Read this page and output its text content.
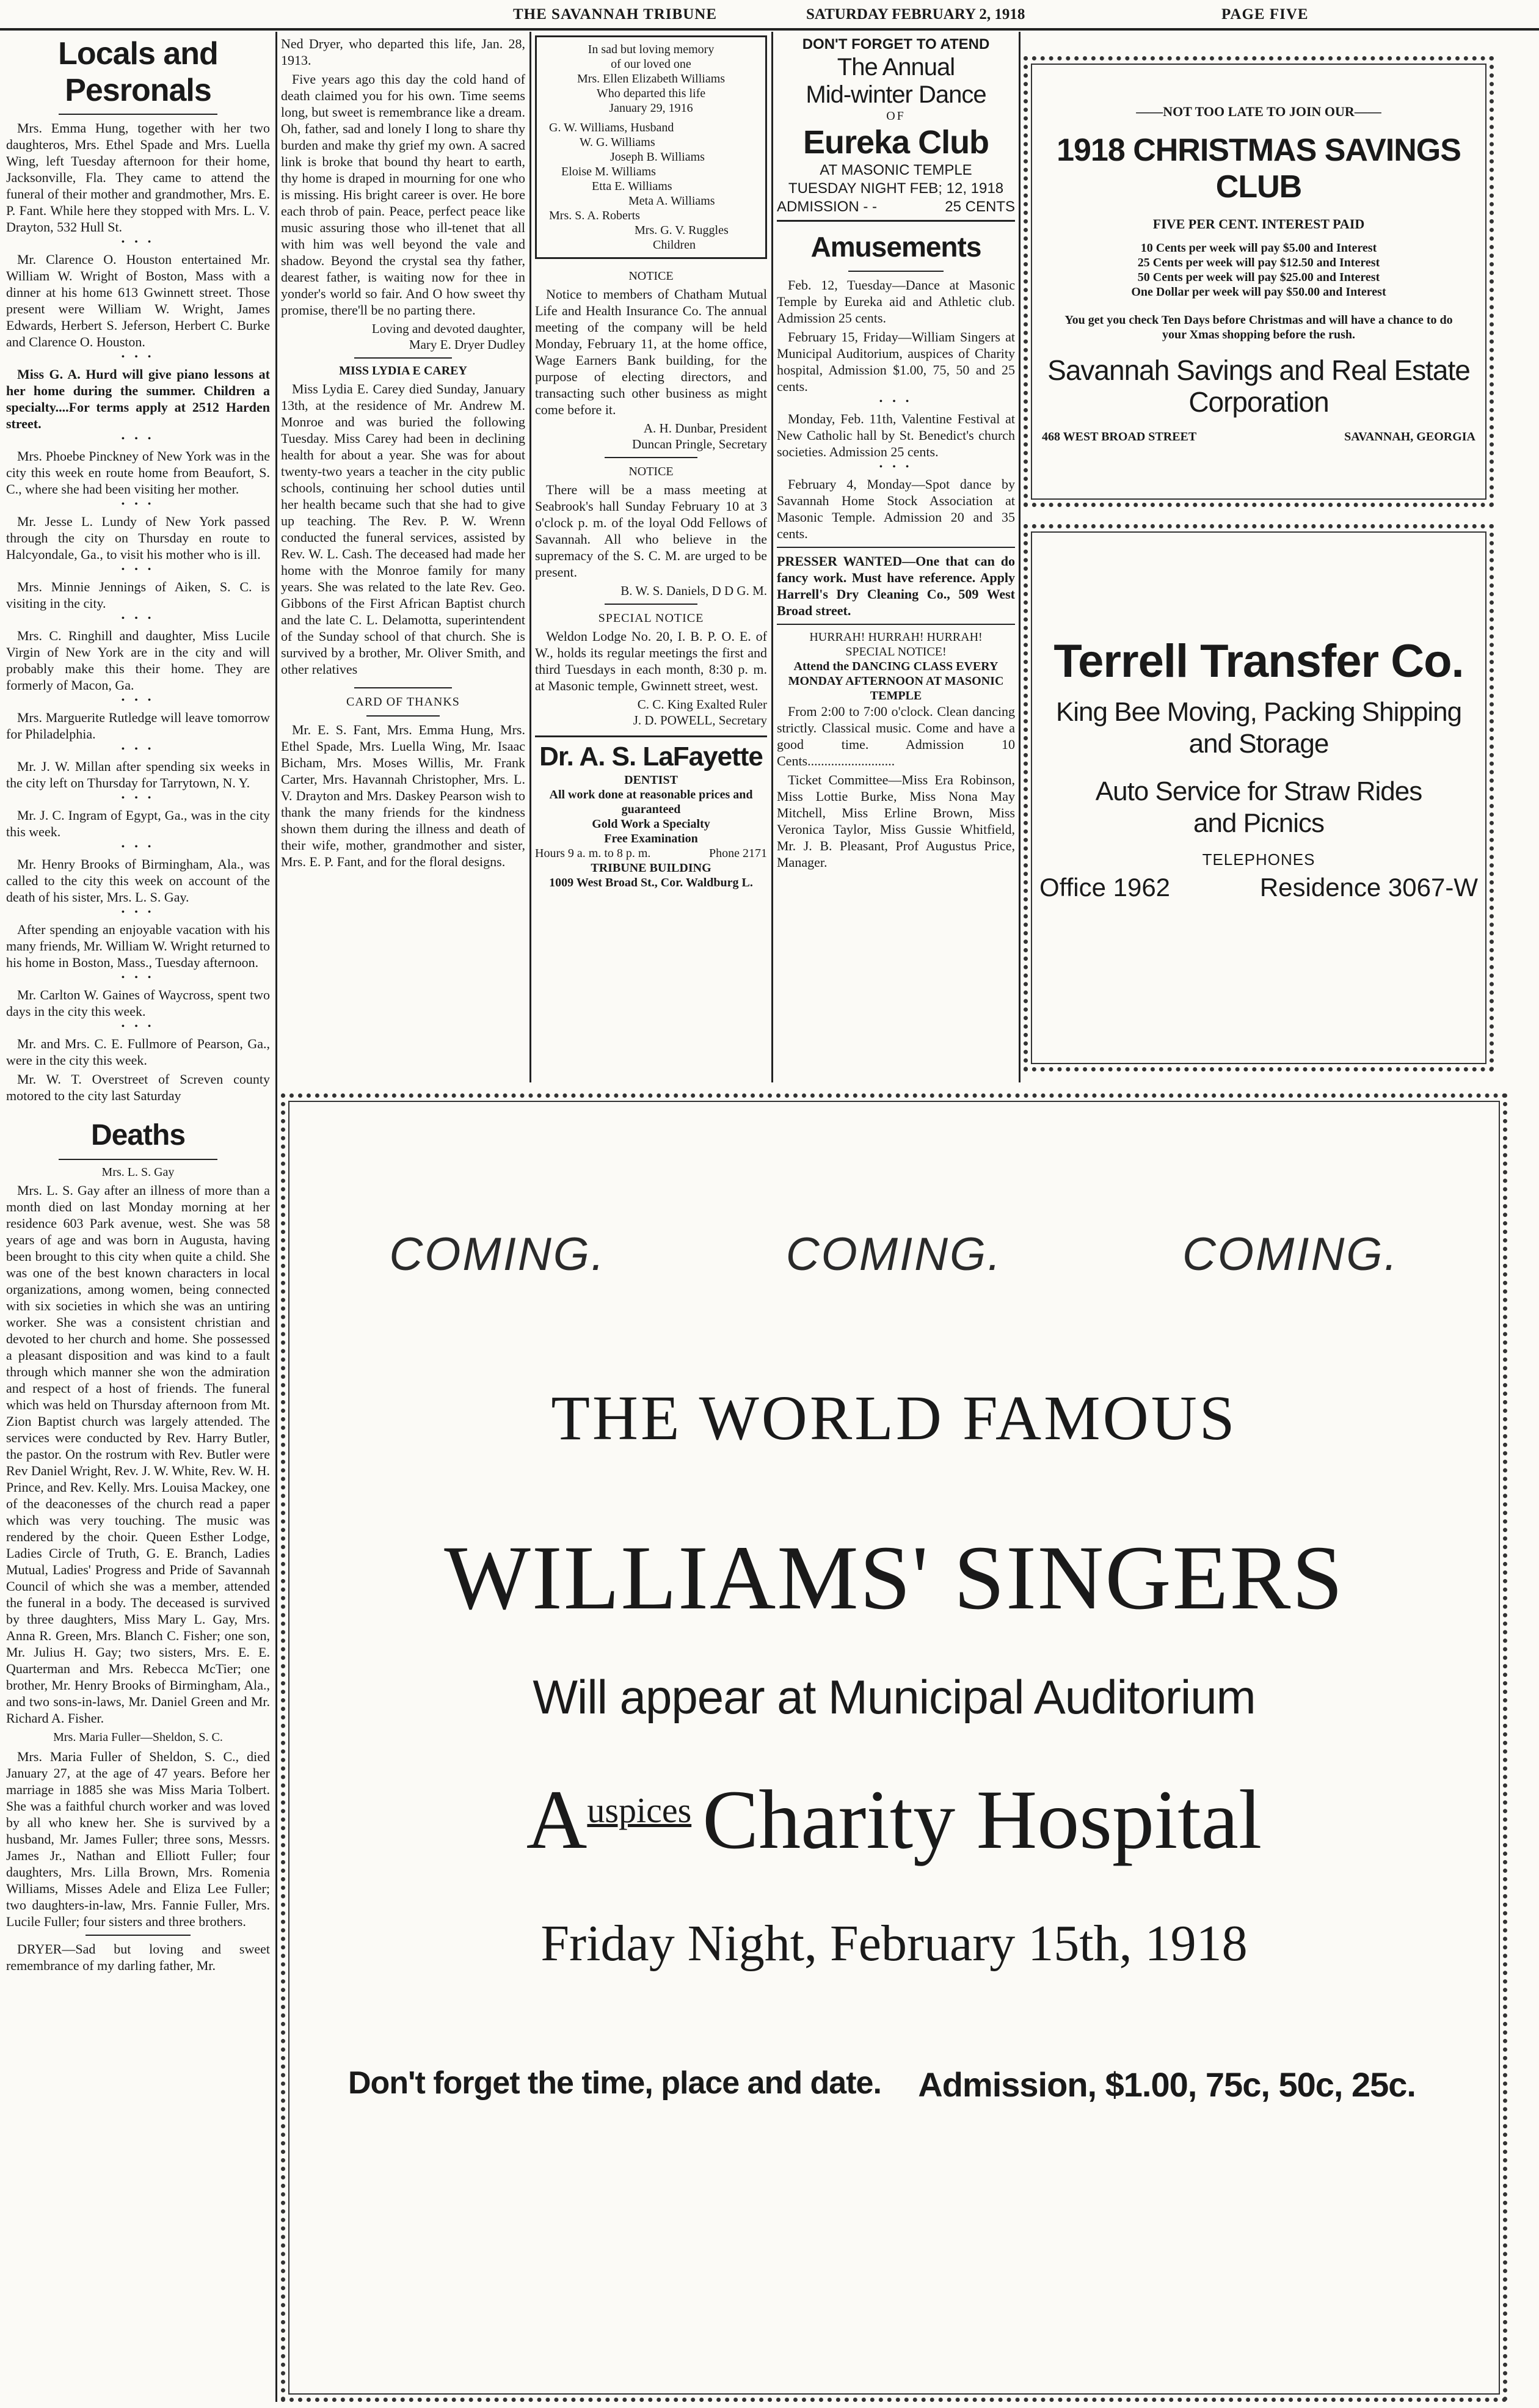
THE SAVANNAH TRIBUNE	SATURDAY FEBRUARY 2, 1918	PAGE FIVE
Locals and Pesronals

Mrs. Emma Hung, together with her two daughteros, Mrs. Ethel Spade and Mrs. Luella Wing, left Tuesday afternoon for their home, Jacksonville, Fla. They came to attend the funeral of their mother and grandmother, Mrs. E. P. Fant. While here they stopped with Mrs. L. V. Drayton, 532 Hull St.

• • •

Mr. Clarence O. Houston entertained Mr. William W. Wright of Boston, Mass with a dinner at his home 613 Gwinnett street. Those present were William W. Wright, James Edwards, Herbert S. Jeferson, Herbert C. Burke and Clarence O. Houston.

• • •

Miss G. A. Hurd will give piano lessons at her home during the summer. Children a specialty....For terms apply at 2512 Harden street.

• • •

Mrs. Phoebe Pinckney of New York was in the city this week en route home from Beaufort, S. C., where she had been visiting her mother.

• • •

Mr. Jesse L. Lundy of New York passed through the city on Thursday en route to Halcyondale, Ga., to visit his mother who is ill.

• • •

Mrs. Minnie Jennings of Aiken, S. C. is visiting in the city.

• • •

Mrs. C. Ringhill and daughter, Miss Lucile Virgin of New York are in the city and will probably make this their home. They are formerly of Macon, Ga.

• • •

Mrs. Marguerite Rutledge will leave tomorrow for Philadelphia.

• • •

Mr. J. W. Millan after spending six weeks in the city left on Thursday for Tarrytown, N. Y.

• • •

Mr. J. C. Ingram of Egypt, Ga., was in the city this week.

• • •

Mr. Henry Brooks of Birmingham, Ala., was called to the city this week on account of the death of his sister, Mrs. L. S. Gay.

• • •

After spending an enjoyable vacation with his many friends, Mr. William W. Wright returned to his home in Boston, Mass., Tuesday afternoon.

• • •

Mr. Carlton W. Gaines of Waycross, spent two days in the city this week.

• • •

Mr. and Mrs. C. E. Fullmore of Pearson, Ga., were in the city this week.

Mr. W. T. Overstreet of Screven county motored to the city last Saturday

Deaths
Mrs. L. S. Gay

Mrs. L. S. Gay after an illness of more than a month died on last Monday morning at her residence 603 Park avenue, west. She was 58 years of age and was born in Augusta, having been brought to this city when quite a child. She was one of the best known characters in local organizations, among women, being connected with six societies in which she was an untiring worker. She was a consistent christian and devoted to her church and home. She possessed a pleasant disposition and was kind to a fault through which manner she won the admiration and respect of a host of friends. The funeral which was held on Thursday afternoon from Mt. Zion Baptist church was largely attended. The services were conducted by Rev. Harry Butler, the pastor. On the rostrum with Rev. Butler were Rev Daniel Wright, Rev. J. W. White, Rev. W. H. Prince, and Rev. Kelly. Mrs. Louisa Mackey, one of the deaconesses of the church read a paper which was very touching. The music was rendered by the choir. Queen Esther Lodge, Ladies Circle of Truth, G. E. Branch, Ladies Mutual, Ladies' Progress and Pride of Savannah Council of which she was a member, attended the funeral in a body. The deceased is survived by three daughters, Miss Mary L. Gay, Mrs. Anna R. Green, Mrs. Blanch C. Fisher; one son, Mr. Julius H. Gay; two sisters, Mrs. E. E. Quarterman and Mrs. Rebecca McTier; one brother, Mr. Henry Brooks of Birmingham, Ala., and two sons-in-laws, Mr. Daniel Green and Mr. Richard A. Fisher.

Mrs. Maria Fuller—Sheldon, S. C.

Mrs. Maria Fuller of Sheldon, S. C., died January 27, at the age of 47 years. Before her marriage in 1885 she was Miss Maria Tolbert. She was a faithful church worker and was loved by all who knew her. She is survived by a husband, Mr. James Fuller; three sons, Messrs. James Jr., Nathan and Elliott Fuller; four daughters, Mrs. Lilla Brown, Mrs. Romenia Williams, Misses Adele and Eliza Lee Fuller; two daughters-in-law, Mrs. Fannie Fuller, Mrs. Lucile Fuller; four sisters and three brothers.

DRYER—Sad but loving and sweet remembrance of my darling father, Mr.

Ned Dryer, who departed this life, Jan. 28, 1913.

Five years ago this day the cold hand of death claimed you for his own. Time seems long, but sweet is remembrance like a dream. Oh, father, sad and lonely I long to share thy burden and make thy grief my own. A sacred link is broke that bound thy heart to earth, thy home is draped in mourning for one who is missing. His bright career is over. He bore each throb of pain. Peace, perfect peace like music assuring those who ill-tenet that all with him was well beyond the vale and shadow. Beyond the crystal sea thy father, dearest father, is waiting now for thee in yonder's world so fair. And O how sweet thy promise, there'll be no parting there.

Loving and devoted daughter,
Mary E. Dryer Dudley
MISS LYDIA E CAREY

Miss Lydia E. Carey died Sunday, January 13th, at the residence of Mr. Andrew M. Monroe and was buried the following Tuesday. Miss Carey had been in declining health for about a year. She was for about twenty-two years a teacher in the city public schools, continuing her school duties until her health became such that she had to give up teaching. The Rev. P. W. Wrenn conducted the funeral services, assisted by Rev. W. L. Cash. The deceased had made her home with the Monroe family for many years. She was related to the late Rev. Geo. Gibbons of the First African Baptist church and the late C. L. Delamotta, superintendent of the Sunday school of that church. She is survived by a brother, Mr. Oliver Smith, and other relatives

CARD OF THANKS

Mr. E. S. Fant, Mrs. Emma Hung, Mrs. Ethel Spade, Mrs. Luella Wing, Mr. Isaac Bicham, Mrs. Moses Willis, Mr. Frank Carter, Mrs. Havannah Christopher, Mrs. L. V. Drayton and Mrs. Daskey Pearson wish to thank the many friends for the kindness shown them during the illness and death of their wife, mother, grandmother and sister, Mrs. E. P. Fant, and for the floral designs.

In sad but loving memory
of our loved one
Mrs. Ellen Elizabeth Williams
Who departed this life
January 29, 1916
G. W. Williams, Husband
W. G. Williams
Joseph B. Williams
Eloise M. Williams
Etta E. Williams
Meta A. Williams
Mrs. S. A. Roberts
Mrs. G. V. Ruggles
Children
NOTICE

Notice to members of Chatham Mutual Life and Health Insurance Co. The annual meeting of the company will be held Monday, February 11, at the home office, Wage Earners Bank building, for the purpose of electing directors, and transacting such other business as might come before it.

A. H. Dunbar, President
Duncan Pringle, Secretary
NOTICE

There will be a mass meeting at Seabrook's hall Sunday February 10 at 3 o'clock p. m. of the loyal Odd Fellows of Savannah. All who believe in the supremacy of the S. C. M. are urged to be present.

B. W. S. Daniels, D D G. M.
SPECIAL NOTICE

Weldon Lodge No. 20, I. B. P. O. E. of W., holds its regular meetings the first and third Tuesdays in each month, 8:30 p. m. at Masonic temple, Gwinnett street, west.

C. C. King Exalted Ruler
J. D. POWELL, Secretary
Dr. A. S. LaFayette
DENTIST
All work done at reasonable prices and guaranteed
Gold Work a Specialty
Free Examination
Hours 9 a. m. to 8 p. m.	Phone 2171
TRIBUNE BUILDING
1009 West Broad St., Cor. Waldburg L.
DON'T FORGET TO ATEND
The Annual
Mid-winter Dance
OF
Eureka Club
AT MASONIC TEMPLE
TUESDAY NIGHT FEB; 12, 1918
ADMISSION - -	25 CENTS
Amusements

Feb. 12, Tuesday—Dance at Masonic Temple by Eureka aid and Athletic club. Admission 25 cents.

February 15, Friday—William Singers at Municipal Auditorium, auspices of Charity hospital, Admission $1.00, 75, 50 and 25 cents.

• • •

Monday, Feb. 11th, Valentine Festival at New Catholic hall by St. Benedict's church societies. Admission 25 cents.

• • •

February 4, Monday—Spot dance by Savannah Home Stock Association at Masonic Temple. Admission 20 and 35 cents.

PRESSER WANTED—One that can do fancy work. Must have reference. Apply Harrell's Dry Cleaning Co., 509 West Broad street.

HURRAH! HURRAH! HURRAH!
SPECIAL NOTICE!
Attend the DANCING CLASS EVERY MONDAY AFTERNOON AT MASONIC TEMPLE

From 2:00 to 7:00 o'clock. Clean dancing strictly. Classical music. Come and have a good time. Admission 10 Cents..........................

Ticket Committee—Miss Era Robinson, Miss Lottie Burke, Miss Nona May Mitchell, Miss Erline Brown, Miss Veronica Taylor, Miss Gussie Whitfield, Mr. J. B. Pleasant, Prof Augustus Price, Manager.

——NOT TOO LATE TO JOIN OUR——
1918 CHRISTMAS SAVINGS CLUB
FIVE PER CENT. INTEREST PAID
10 Cents per week will pay $5.00 and Interest
25 Cents per week will pay $12.50 and Interest
50 Cents per week will pay $25.00 and Interest
One Dollar per week will pay $50.00 and Interest
You get you check Ten Days before Christmas and will have a chance to do your Xmas shopping before the rush.
Savannah Savings and Real Estate
Corporation
468 WEST BROAD STREET	SAVANNAH, GEORGIA
Terrell Transfer Co.
King Bee Moving, Packing Shipping
and Storage
Auto Service for Straw Rides
and Picnics
TELEPHONES
Office 1962	Residence 3067-W
COMING.	COMING.	COMING.
THE WORLD FAMOUS
WILLIAMS' SINGERS
Will appear at Municipal Auditorium
$A^{uspices}$ Charity Hospital
Friday Night, February 15th, 1918
Don't forget the time, place and date. Admission, $1.00, 75c, 50c, 25c.
